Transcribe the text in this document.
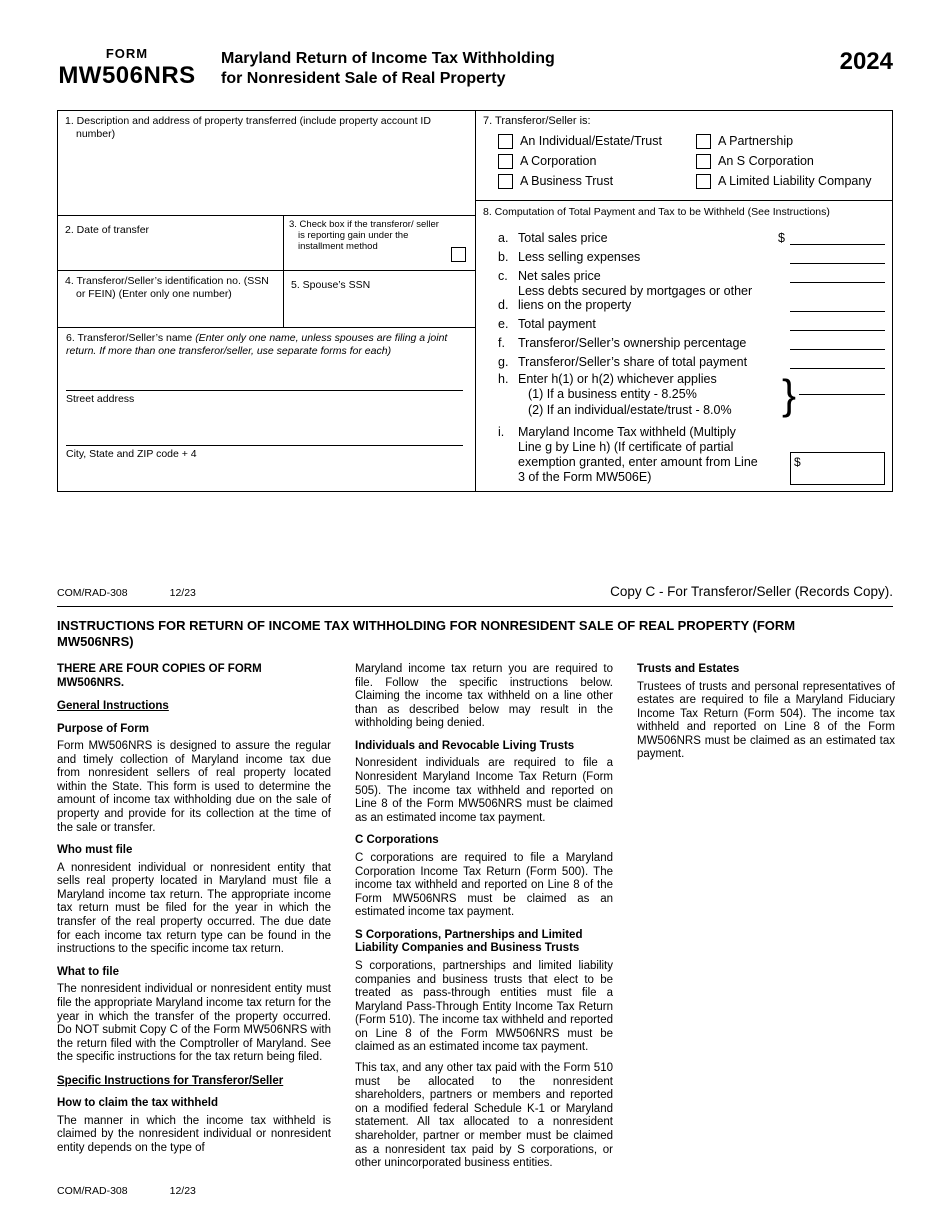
FORM
MW506NRS
Maryland Return of Income Tax Withholding
for Nonresident Sale of Real Property
2024
1. Description and address of property transferred (include property account ID number)
2. Date of transfer	3. Check box if the transferor/ seller is reporting gain under the installment method
4. Transferor/Seller’s identification no. (SSN or FEIN) (Enter only one number)
5. Spouse’s SSN
6. Transferor/Seller’s name (Enter only one name, unless spouses are filing a joint return. If more than one transferor/seller, use separate forms for each)
Street address
City, State and ZIP code + 4
7. Transferor/Seller is:
An Individual/Estate/Trust	A Partnership
A Corporation	An S Corporation
A Business Trust	A Limited Liability Company
8. Computation of Total Payment and Tax to be Withheld (See Instructions)
a. Total sales price	$
b. Less selling expenses
c. Net sales price
d.
Less debts secured by mortgages or other liens on the property
e. Total payment
f.	Transferor/Seller’s ownership percentage
g. Transferor/Seller’s share of total payment
h. Enter h(1) or h(2) whichever applies
(1) If a business entity - 8.25%
(2) If an individual/estate/trust - 8.0%	}
i.	Maryland Income Tax withheld (Multiply Line g by Line h) (If certificate of partial exemption granted, enter amount from Line 3 of the Form MW506E)
$
COM/RAD-308	12/23	Copy C - For Transferor/Seller (Records Copy).
INSTRUCTIONS FOR RETURN OF INCOME TAX WITHHOLDING FOR NONRESIDENT SALE OF REAL PROPERTY (FORM MW506NRS)
THERE ARE FOUR COPIES OF FORM MW506NRS.
General Instructions
Purpose of Form
Form MW506NRS is designed to assure the regular and timely collection of Maryland income tax due from nonresident sellers of real property located within the State. This form is used to determine the amount of income tax withholding due on the sale of property and provide for its collection at the time of the sale or transfer.
Who must file
A nonresident individual or nonresident entity that sells real property located in Maryland must file a Maryland income tax return. The appropriate income tax return must be filed for the year in which the transfer of the real property occurred. The due date for each income tax return type can be found in the instructions to the specific income tax return.
What to file
The nonresident individual or nonresident entity must file the appropriate Maryland income tax return for the year in which the transfer of the property occurred. Do NOT submit Copy C of the Form MW506NRS with the return filed with the Comptroller of Maryland. See the specific instructions for the tax return being filed.
Specific Instructions for Transferor/Seller
How to claim the tax withheld
The manner in which the income tax withheld is claimed by the nonresident individual or nonresident entity depends on the type of
Maryland income tax return you are required to file. Follow the specific instructions below. Claiming the income tax withheld on a line other than as described below may result in the withholding being denied.
Individuals and Revocable Living Trusts
Nonresident individuals are required to file a Nonresident Maryland Income Tax Return (Form 505). The income tax withheld and reported on Line 8 of the Form MW506NRS must be claimed as an estimated income tax payment.
C Corporations
C corporations are required to file a Maryland Corporation Income Tax Return (Form 500). The income tax withheld and reported on Line 8 of the Form MW506NRS must be claimed as an estimated income tax payment.
S Corporations, Partnerships and Limited Liability Companies and Business Trusts
S corporations, partnerships and limited liability companies and business trusts that elect to be treated as pass-through entities must file a Maryland Pass-Through Entity Income Tax Return (Form 510). The income tax withheld and reported on Line 8 of the Form MW506NRS must be claimed as an estimated income tax payment.
This tax, and any other tax paid with the Form 510 must be allocated to the nonresident shareholders, partners or members and reported on a modified federal Schedule K-1 or Maryland statement. All tax allocated to a nonresident shareholder, partner or member must be claimed as a nonresident tax paid by S corporations, or other unincorporated business entities.
Trusts and Estates
Trustees of trusts and personal representatives of estates are required to file a Maryland Fiduciary Income Tax Return (Form 504). The income tax withheld and reported on Line 8 of the Form MW506NRS must be claimed as an estimated tax payment.
COM/RAD-308	12/23
